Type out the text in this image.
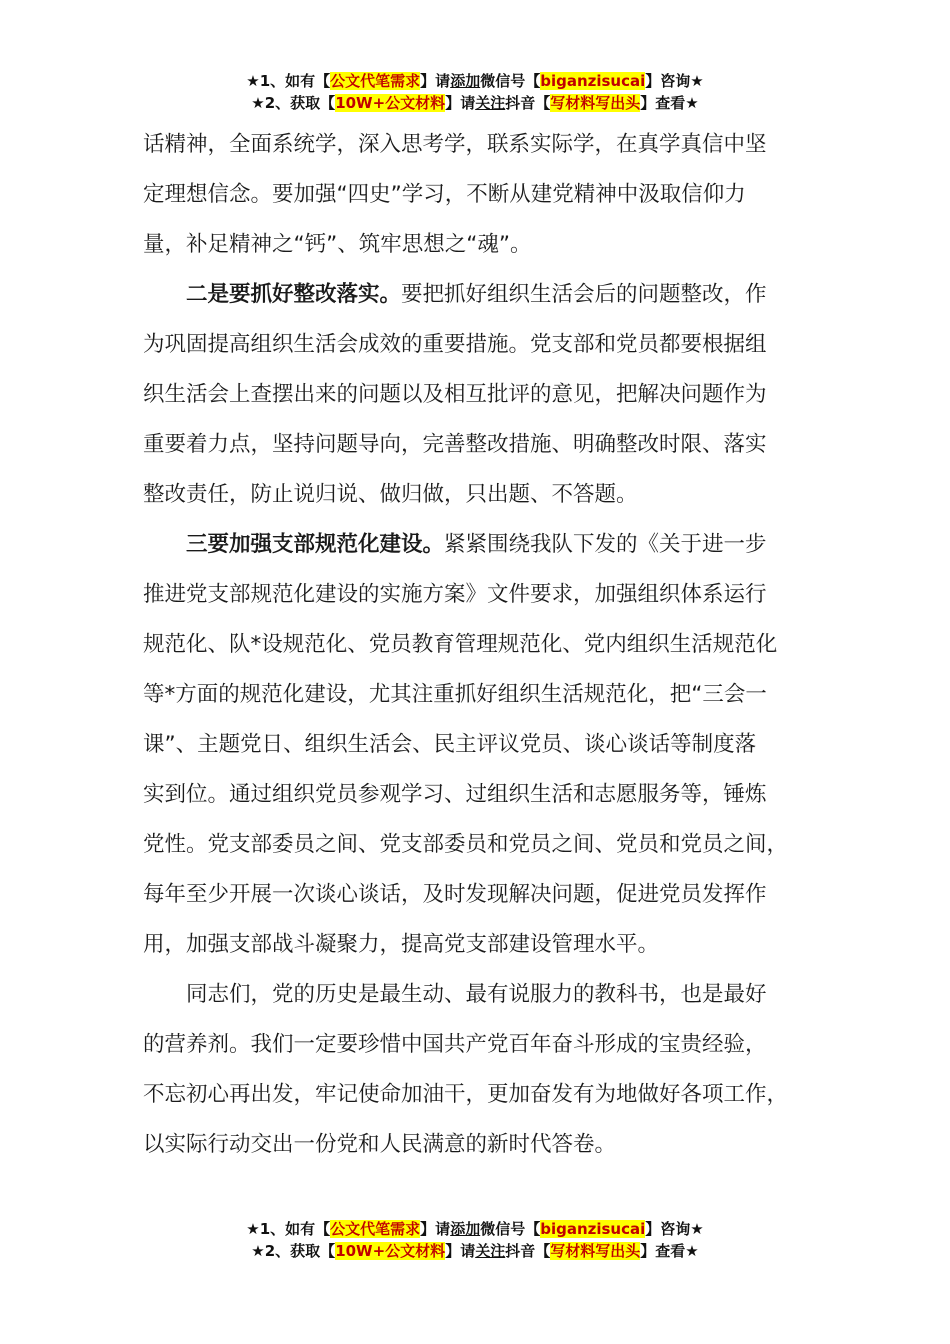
★1、如有【公文代笔需求】请添加微信号【biganzisucai】咨询★
★2、获取【10W+公文材料】请关注抖音【写材料写出头】查看★

话精神，全面系统学，深入思考学，联系实际学，在真学真信中坚

定理想信念。要加强“四史”学习，不断从建党精神中汲取信仰力

量，补足精神之“钙”、筑牢思想之“魂”。

二是要抓好整改落实。要把抓好组织生活会后的问题整改，作

为巩固提高组织生活会成效的重要措施。党支部和党员都要根据组

织生活会上查摆出来的问题以及相互批评的意见，把解决问题作为

重要着力点，坚持问题导向，完善整改措施、明确整改时限、落实

整改责任，防止说归说、做归做，只出题、不答题。

三要加强支部规范化建设。紧紧围绕我队下发的《关于进一步

推进党支部规范化建设的实施方案》文件要求，加强组织体系运行

规范化、队*设规范化、党员教育管理规范化、党内组织生活规范化

等*方面的规范化建设，尤其注重抓好组织生活规范化，把“三会一

课”、主题党日、组织生活会、民主评议党员、谈心谈话等制度落

实到位。通过组织党员参观学习、过组织生活和志愿服务等，锤炼

党性。党支部委员之间、党支部委员和党员之间、党员和党员之间，

每年至少开展一次谈心谈话，及时发现解决问题，促进党员发挥作

用，加强支部战斗凝聚力，提高党支部建设管理水平。

同志们，党的历史是最生动、最有说服力的教科书，也是最好

的营养剂。我们一定要珍惜中国共产党百年奋斗形成的宝贵经验，

不忘初心再出发，牢记使命加油干，更加奋发有为地做好各项工作，

以实际行动交出一份党和人民满意的新时代答卷。

★1、如有【公文代笔需求】请添加微信号【biganzisucai】咨询★
★2、获取【10W+公文材料】请关注抖音【写材料写出头】查看★
